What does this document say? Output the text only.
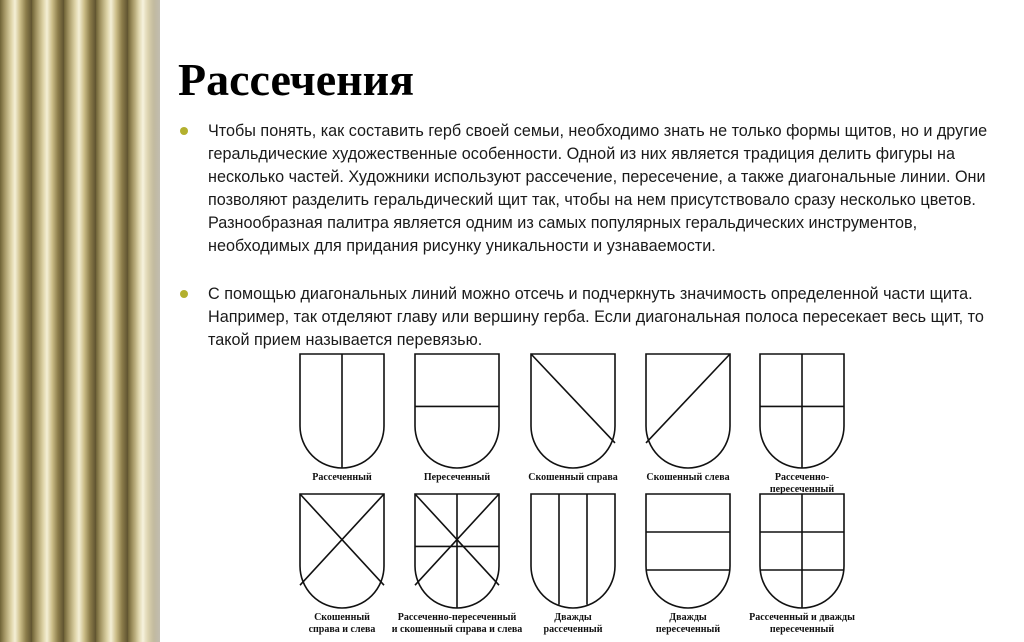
Рассечения

Чтобы понять, как составить герб своей семьи, необходимо знать не только формы щитов, но и другие геральдические художественные особенности. Одной из них является традиция делить фигуры на несколько частей. Художники используют рассечение, пересечение, а также диагональные линии. Они позволяют разделить геральдический щит так, чтобы на нем присутствовало сразу несколько цветов. Разнообразная палитра является одним из самых популярных геральдических инструментов, необходимых для придания рисунку уникальности и узнаваемости.

С помощью диагональных линий можно отсечь и подчеркнуть значимость определенной части щита. Например, так отделяют главу или вершину герба. Если диагональная полоса пересекает весь щит, то такой прием называется перевязью.

Рассеченный	Пересеченный	Скошенный справа	Скошенный слева	Рассеченно-
пересеченный
Скошенный
справа и слева
Рассеченно-пересеченный
и скошенный справа и слева
Дважды
рассеченный
Дважды
пересеченный
Рассеченный и дважды
пересеченный
